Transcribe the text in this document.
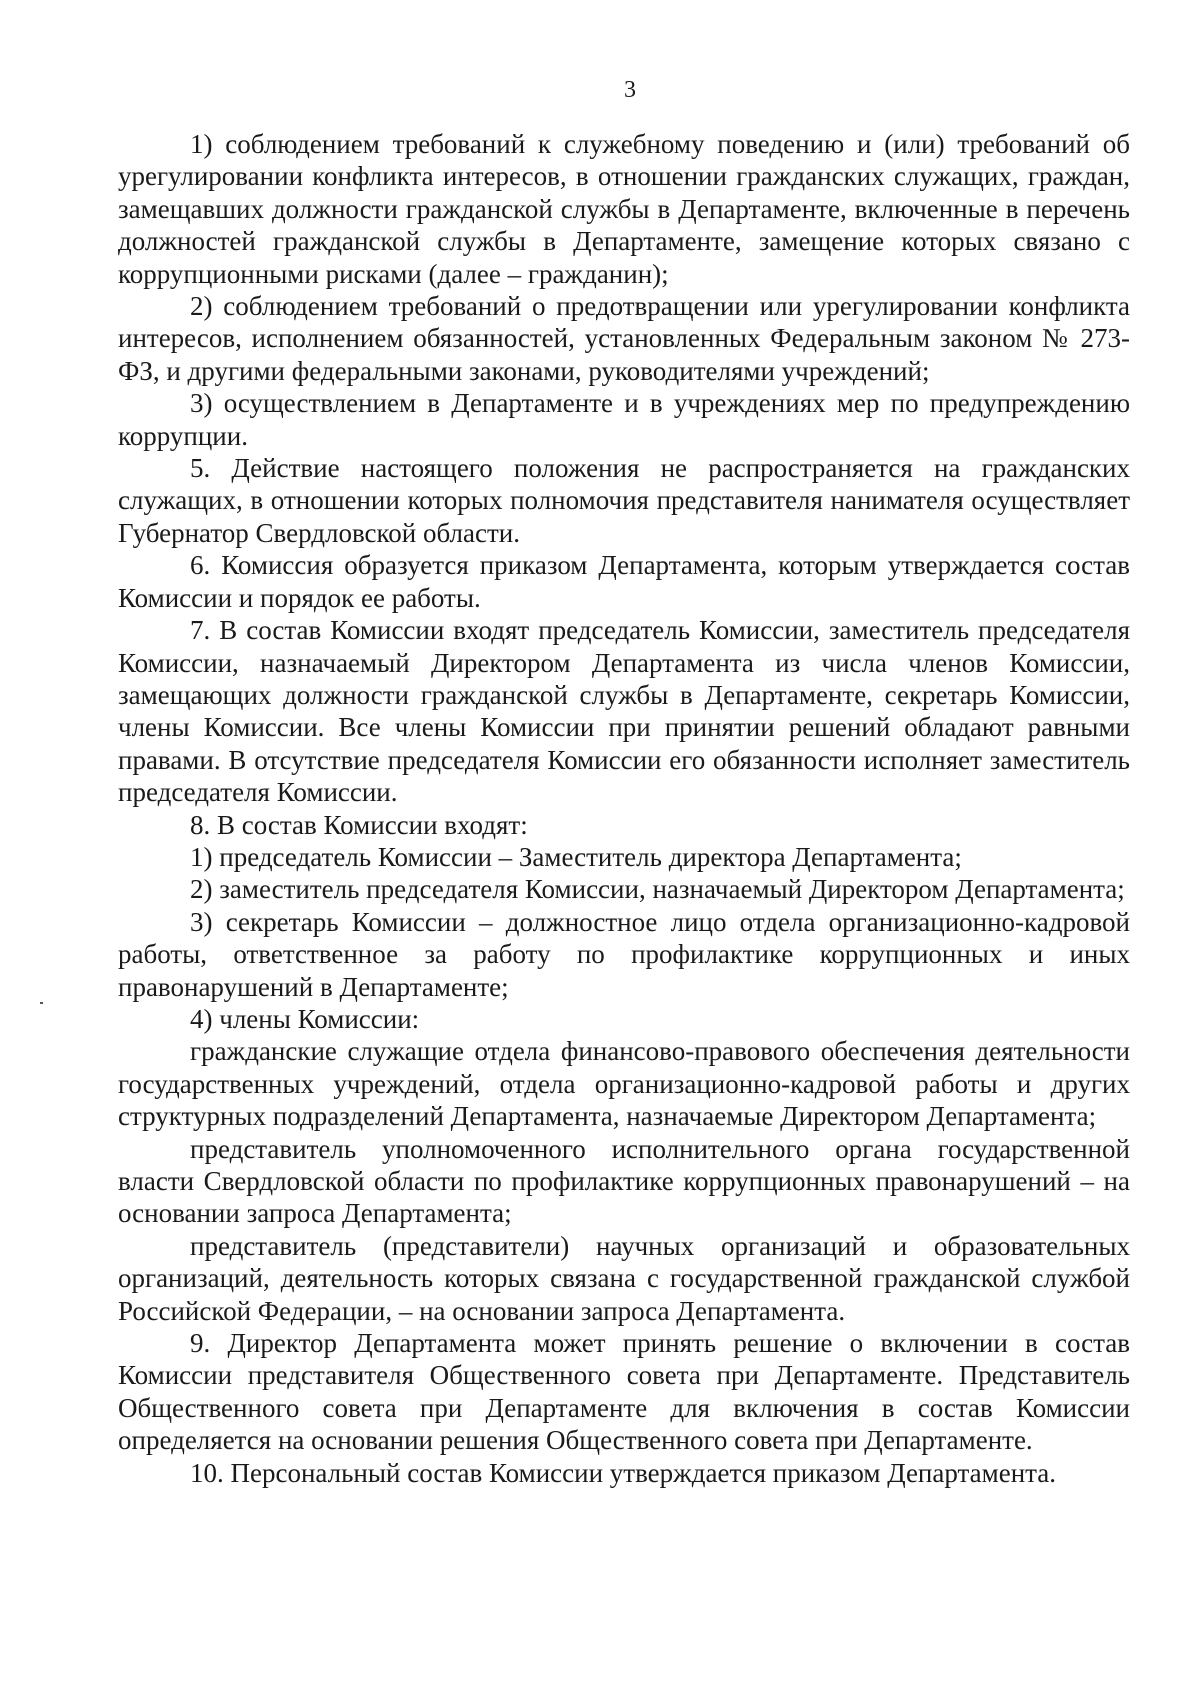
3

1) соблюдением требований к служебному поведению и (или) требований об урегулировании конфликта интересов, в отношении гражданских служащих, граждан, замещавших должности гражданской службы в Департаменте, включенные в перечень должностей гражданской службы в Департаменте, замещение которых связано с коррупционными рисками (далее – гражданин);

2) соблюдением требований о предотвращении или урегулировании конфликта интересов, исполнением обязанностей, установленных Федеральным законом № 273-ФЗ, и другими федеральными законами, руководителями учреждений;

3) осуществлением в Департаменте и в учреждениях мер по предупреждению коррупции.

5. Действие настоящего положения не распространяется на гражданских служащих, в отношении которых полномочия представителя нанимателя осуществляет Губернатор Свердловской области.

6. Комиссия образуется приказом Департамента, которым утверждается состав Комиссии и порядок ее работы.

7. В состав Комиссии входят председатель Комиссии, заместитель председателя Комиссии, назначаемый Директором Департамента из числа членов Комиссии, замещающих должности гражданской службы в Департаменте, секретарь Комиссии, члены Комиссии. Все члены Комиссии при принятии решений обладают равными правами. В отсутствие председателя Комиссии его обязанности исполняет заместитель председателя Комиссии.

8. В состав Комиссии входят:

1) председатель Комиссии – Заместитель директора Департамента;

2) заместитель председателя Комиссии, назначаемый Директором Департамента;

3) секретарь Комиссии – должностное лицо отдела организационно-кадровой работы, ответственное за работу по профилактике коррупционных и иных правонарушений в Департаменте;

4) члены Комиссии:

гражданские служащие отдела финансово-правового обеспечения деятельности государственных учреждений, отдела организационно-кадровой работы и других структурных подразделений Департамента, назначаемые Директором Департамента;

представитель уполномоченного исполнительного органа государственной власти Свердловской области по профилактике коррупционных правонарушений – на основании запроса Департамента;

представитель (представители) научных организаций и образовательных организаций, деятельность которых связана с государственной гражданской службой Российской Федерации, – на основании запроса Департамента.

9. Директор Департамента может принять решение о включении в состав Комиссии представителя Общественного совета при Департаменте. Представитель Общественного совета при Департаменте для включения в состав Комиссии определяется на основании решения Общественного совета при Департаменте.

10. Персональный состав Комиссии утверждается приказом Департамента.
